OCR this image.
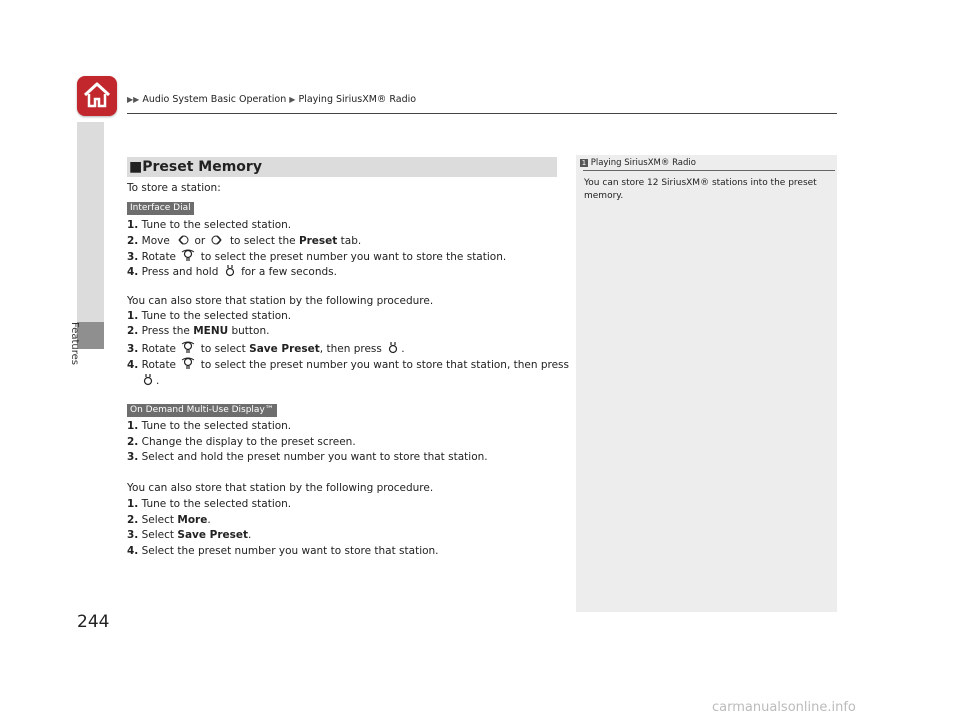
▶▶ Audio System Basic Operation ▶ Playing SiriusXM® Radio
Features
244
■Preset Memory
To store a station:
Interface Dial
1. Tune to the selected station.
2. Move or to select the Preset tab.
3. Rotate to select the preset number you want to store the station.
4. Press and hold for a few seconds.
You can also store that station by the following procedure.
1. Tune to the selected station.
2. Press the MENU button.
3. Rotate to select Save Preset, then press .
4. Rotate to select the preset number you want to store that station, then press
.
On Demand Multi-Use Display™
1. Tune to the selected station.
2. Change the display to the preset screen.
3. Select and hold the preset number you want to store that station.
You can also store that station by the following procedure.
1. Tune to the selected station.
2. Select More.
3. Select Save Preset.
4. Select the preset number you want to store that station.
1 Playing SiriusXM® Radio
You can store 12 SiriusXM® stations into the preset memory.
carmanualsonline.info
